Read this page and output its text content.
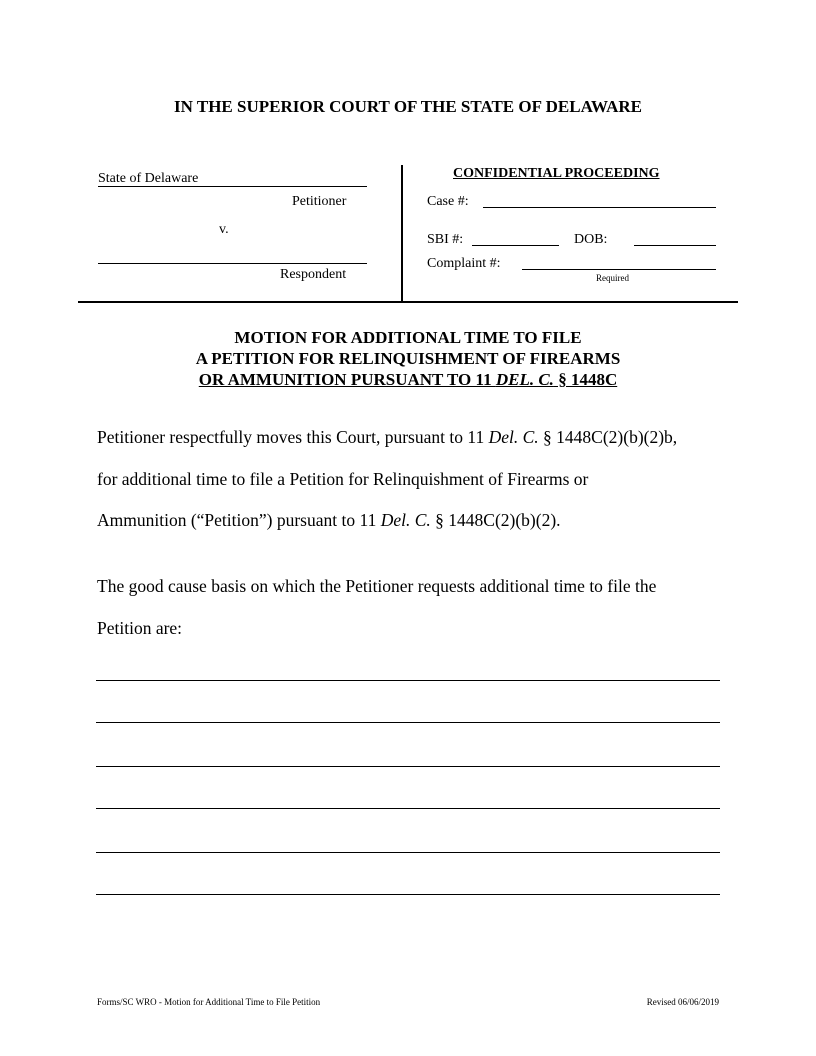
IN THE SUPERIOR COURT OF THE STATE OF DELAWARE
State of Delaware
Petitioner
v.
Respondent
CONFIDENTIAL PROCEEDING
Case #:
SBI #:	DOB:
Complaint #:
Required
MOTION FOR ADDITIONAL TIME TO FILE
A PETITION FOR RELINQUISHMENT OF FIREARMS
OR AMMUNITION PURSUANT TO 11 DEL. C. § 1448C
Petitioner respectfully moves this Court, pursuant to 11 Del. C. § 1448C(2)(b)(2)b,
for additional time to file a Petition for Relinquishment of Firearms or
Ammunition (“Petition”) pursuant to 11 Del. C. § 1448C(2)(b)(2).
The good cause basis on which the Petitioner requests additional time to file the
Petition are:
Forms/SC WRO - Motion for Additional Time to File Petition	Revised 06/06/2019
